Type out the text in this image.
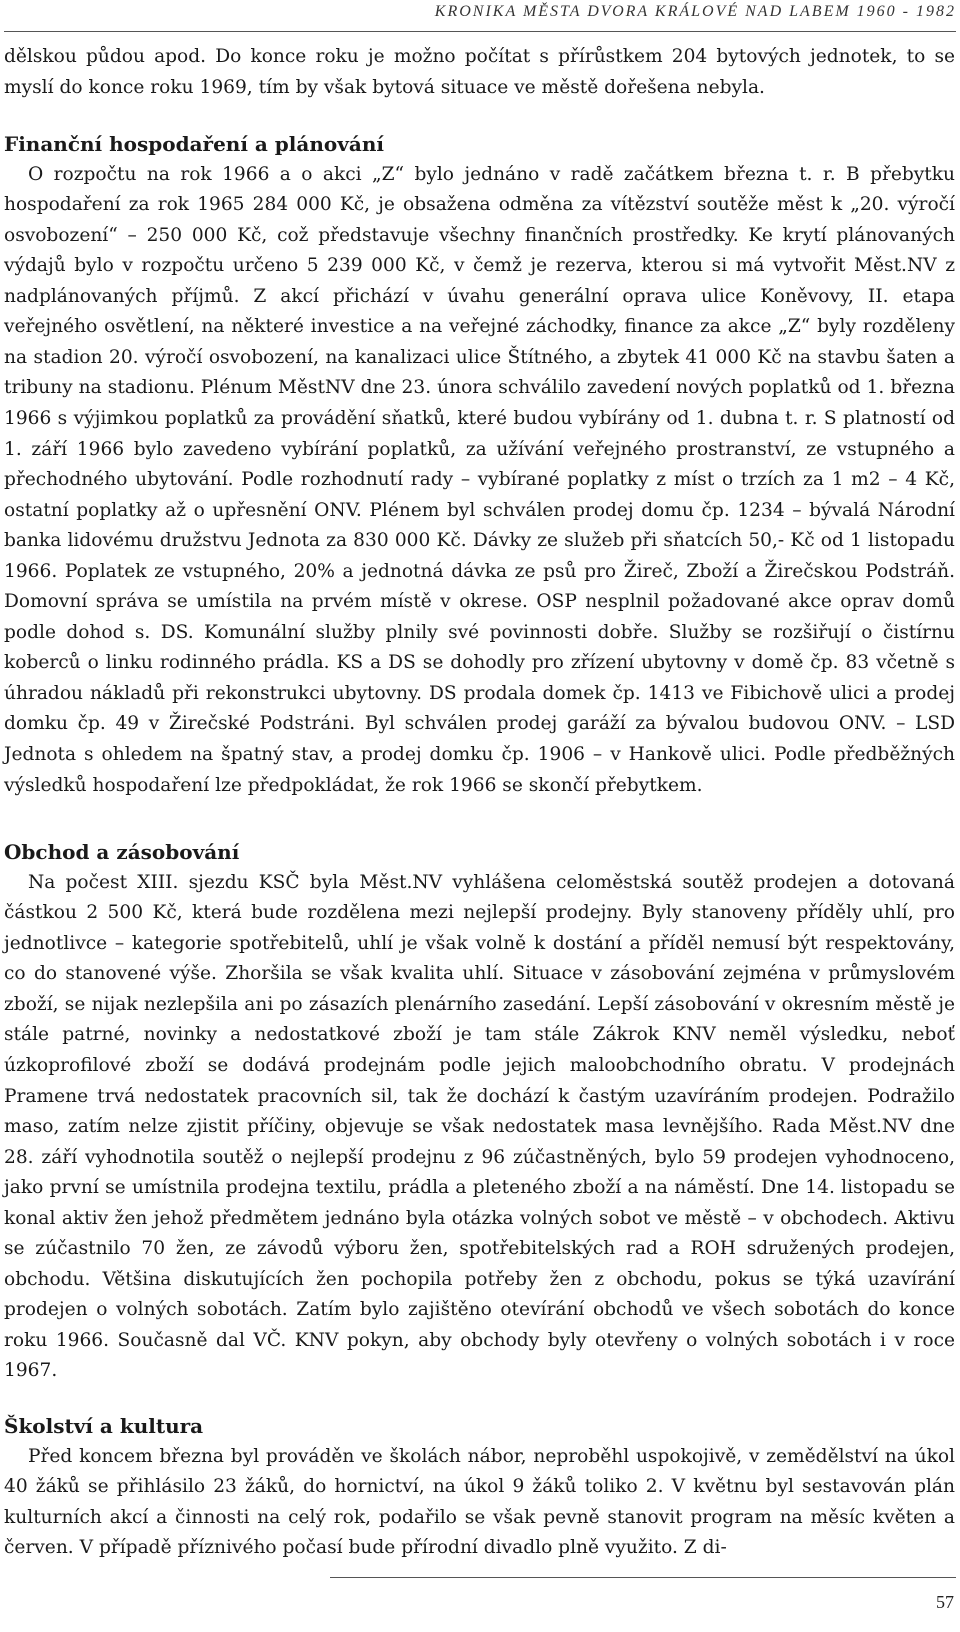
KRONIKA MĚSTA DVORA KRÁLOVÉ NAD LABEM 1960 - 1982

dělskou půdou apod. Do konce roku je možno počítat s přírůstkem 204 bytových jednotek, to se myslí do konce roku 1969, tím by však bytová situace ve městě dořešena nebyla.

Finanční hospodaření a plánování

O rozpočtu na rok 1966 a o akci „Z“ bylo jednáno v radě začátkem března t. r. B přebytku hospodaření za rok 1965 284 000 Kč, je obsažena odměna za vítězství soutěže měst k „20. výročí osvobození“ – 250 000 Kč, což představuje všechny finančních prostředky. Ke krytí plánovaných výdajů bylo v rozpočtu určeno 5 239 000 Kč, v čemž je rezerva, kterou si má vytvořit Měst.NV z nadplánovaných příjmů. Z akcí přichází v úvahu generální oprava ulice Koněvovy, II. etapa veřejného osvětlení, na některé investice a na veřejné záchodky, finance za akce „Z“ byly rozděleny na stadion 20. výročí osvobození, na kanalizaci ulice Štítného, a zbytek 41 000 Kč na stavbu šaten a tribuny na stadionu. Plénum MěstNV dne 23. února schválilo zavedení nových poplatků od 1. března 1966 s výjimkou poplatků za provádění sňatků, které budou vybírány od 1. dubna t. r. S platností od 1. září 1966 bylo zavedeno vybírání poplatků, za užívání veřejného prostranství, ze vstupného a přechodného ubytování. Podle rozhodnutí rady – vybírané poplatky z míst o trzích za 1 m2 – 4 Kč, ostatní poplatky až o upřesnění ONV. Plénem byl schválen prodej domu čp. 1234 – bývalá Národní banka lidovému družstvu Jednota za 830 000 Kč. Dávky ze služeb při sňatcích 50,- Kč od 1 listopadu 1966. Poplatek ze vstupného, 20% a jednotná dávka ze psů pro Žireč, Zboží a Žirečskou Podstráň. Domovní správa se umístila na prvém místě v okrese. OSP nesplnil požadované akce oprav domů podle dohod s. DS. Komunální služby plnily své povinnosti dobře. Služby se rozšiřují o čistírnu koberců o linku rodinného prádla. KS a DS se dohodly pro zřízení ubytovny v domě čp. 83 včetně s úhradou nákladů při rekonstrukci ubytovny. DS prodala domek čp. 1413 ve Fibichově ulici a prodej domku čp. 49 v Žirečské Podstráni. Byl schválen prodej garáží za bývalou budovou ONV. – LSD Jednota s ohledem na špatný stav, a prodej domku čp. 1906 – v Hankově ulici. Podle předběžných výsledků hospodaření lze předpokládat, že rok 1966 se skončí přebytkem.

Obchod a zásobování

Na počest XIII. sjezdu KSČ byla Měst.NV vyhlášena celoměstská soutěž prodejen a dotovaná částkou 2 500 Kč, která bude rozdělena mezi nejlepší prodejny. Byly stanoveny příděly uhlí, pro jednotlivce – kategorie spotřebitelů, uhlí je však volně k dostání a příděl nemusí být respektovány, co do stanovené výše. Zhoršila se však kvalita uhlí. Situace v zásobování zejména v průmyslovém zboží, se nijak nezlepšila ani po zásazích plenárního zasedání. Lepší zásobování v okresním městě je stále patrné, novinky a nedostatkové zboží je tam stále Zákrok KNV neměl výsledku, neboť úzkoprofilové zboží se dodává prodejnám podle jejich maloobchodního obratu. V prodejnách Pramene trvá nedostatek pracovních sil, tak že dochází k častým uzavíráním prodejen. Podražilo maso, zatím nelze zjistit příčiny, objevuje se však nedostatek masa levnějšího. Rada Měst.NV dne 28. září vyhodnotila soutěž o nejlepší prodejnu z 96 zúčastněných, bylo 59 prodejen vyhodnoceno, jako první se umístnila prodejna textilu, prádla a pleteného zboží a na náměstí. Dne 14. listopadu se konal aktiv žen jehož předmětem jednáno byla otázka volných sobot ve městě – v obchodech. Aktivu se zúčastnilo 70 žen, ze závodů výboru žen, spotřebitelských rad a ROH sdružených prodejen, obchodu. Většina diskutujících žen pochopila potřeby žen z obchodu, pokus se týká uzavírání prodejen o volných sobotách. Zatím bylo zajištěno otevírání obchodů ve všech sobotách do konce roku 1966. Současně dal VČ. KNV pokyn, aby obchody byly otevřeny o volných sobotách i v roce 1967.

Školství a kultura

Před koncem března byl prováděn ve školách nábor, neproběhl uspokojivě, v zemědělství na úkol 40 žáků se přihlásilo 23 žáků, do hornictví, na úkol 9 žáků toliko 2. V květnu byl sestavován plán kulturních akcí a činnosti na celý rok, podařilo se však pevně stanovit program na měsíc květen a červen. V případě příznivého počasí bude přírodní divadlo plně využito. Z di-

57
